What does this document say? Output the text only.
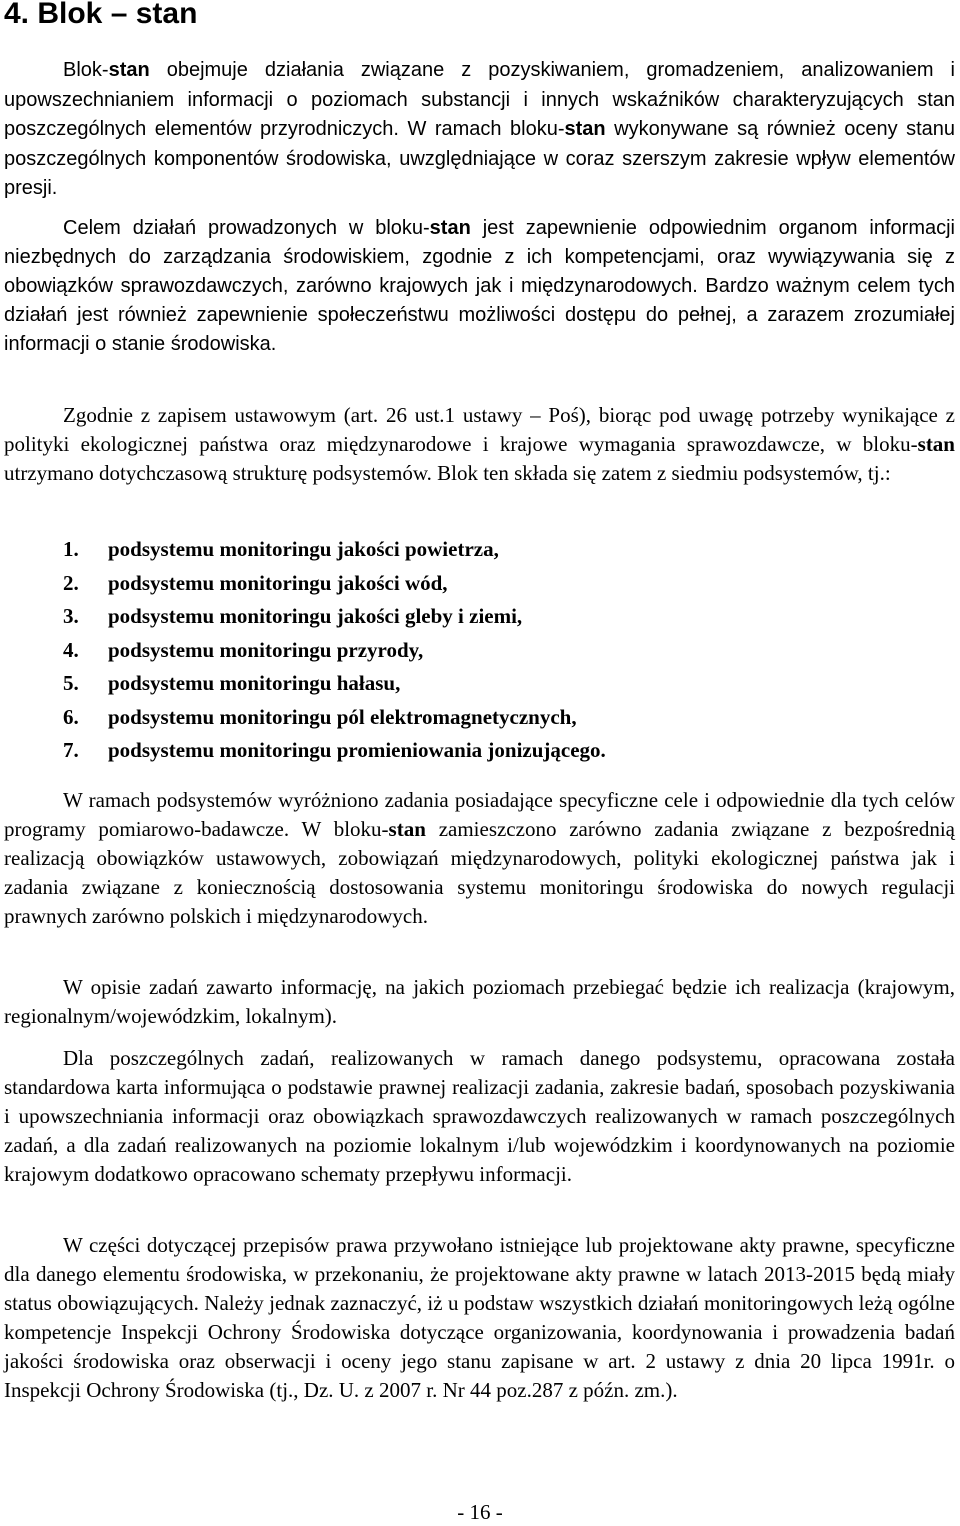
4. Blok – stan

Blok-stan obejmuje działania związane z pozyskiwaniem, gromadzeniem, analizowaniem i upowszechnianiem informacji o poziomach substancji i innych wskaźników charakteryzujących stan poszczególnych elementów przyrodniczych. W ramach bloku-stan wykonywane są również oceny stanu poszczególnych komponentów środowiska, uwzględniające w coraz szerszym zakresie wpływ elementów presji.

Celem działań prowadzonych w bloku-stan jest zapewnienie odpowiednim organom informacji niezbędnych do zarządzania środowiskiem, zgodnie z ich kompetencjami, oraz wywiązywania się z obowiązków sprawozdawczych, zarówno krajowych jak i międzynarodowych. Bardzo ważnym celem tych działań jest również zapewnienie społeczeństwu możliwości dostępu do pełnej, a zarazem zrozumiałej informacji o stanie środowiska.

Zgodnie z zapisem ustawowym (art. 26 ust.1 ustawy – Poś), biorąc pod uwagę potrzeby wynikające z polityki ekologicznej państwa oraz międzynarodowe i krajowe wymagania sprawozdawcze, w bloku-stan utrzymano dotychczasową strukturę podsystemów. Blok ten składa się zatem z siedmiu podsystemów, tj.:

1.	podsystemu monitoringu jakości powietrza,
2.	podsystemu monitoringu jakości wód,
3.	podsystemu monitoringu jakości gleby i ziemi,
4.	podsystemu monitoringu przyrody,
5.	podsystemu monitoringu hałasu,
6.	podsystemu monitoringu pól elektromagnetycznych,
7.	podsystemu monitoringu promieniowania jonizującego.

W ramach podsystemów wyróżniono zadania posiadające specyficzne cele i odpowiednie dla tych celów programy pomiarowo-badawcze. W bloku-stan zamieszczono zarówno zadania związane z bezpośrednią realizacją obowiązków ustawowych, zobowiązań międzynarodowych, polityki ekologicznej państwa jak i zadania związane z koniecznością dostosowania systemu monitoringu środowiska do nowych regulacji prawnych zarówno polskich i międzynarodowych.

W opisie zadań zawarto informację, na jakich poziomach przebiegać będzie ich realizacja (krajowym, regionalnym/wojewódzkim, lokalnym).

Dla poszczególnych zadań, realizowanych w ramach danego podsystemu, opracowana została standardowa karta informująca o podstawie prawnej realizacji zadania, zakresie badań, sposobach pozyskiwania i upowszechniania informacji oraz obowiązkach sprawozdawczych realizowanych w ramach poszczególnych zadań, a dla zadań realizowanych na poziomie lokalnym i/lub wojewódzkim i koordynowanych na poziomie krajowym dodatkowo opracowano schematy przepływu informacji.

W części dotyczącej przepisów prawa przywołano istniejące lub projektowane akty prawne, specyficzne dla danego elementu środowiska, w przekonaniu, że projektowane akty prawne w latach 2013-2015 będą miały status obowiązujących. Należy jednak zaznaczyć, iż u podstaw wszystkich działań monitoringowych leżą ogólne kompetencje Inspekcji Ochrony Środowiska dotyczące organizowania, koordynowania i prowadzenia badań jakości środowiska oraz obserwacji i oceny jego stanu zapisane w art. 2 ustawy z dnia 20 lipca 1991r. o Inspekcji Ochrony Środowiska (tj., Dz. U. z 2007 r. Nr 44 poz.287 z późn. zm.).

- 16 -
